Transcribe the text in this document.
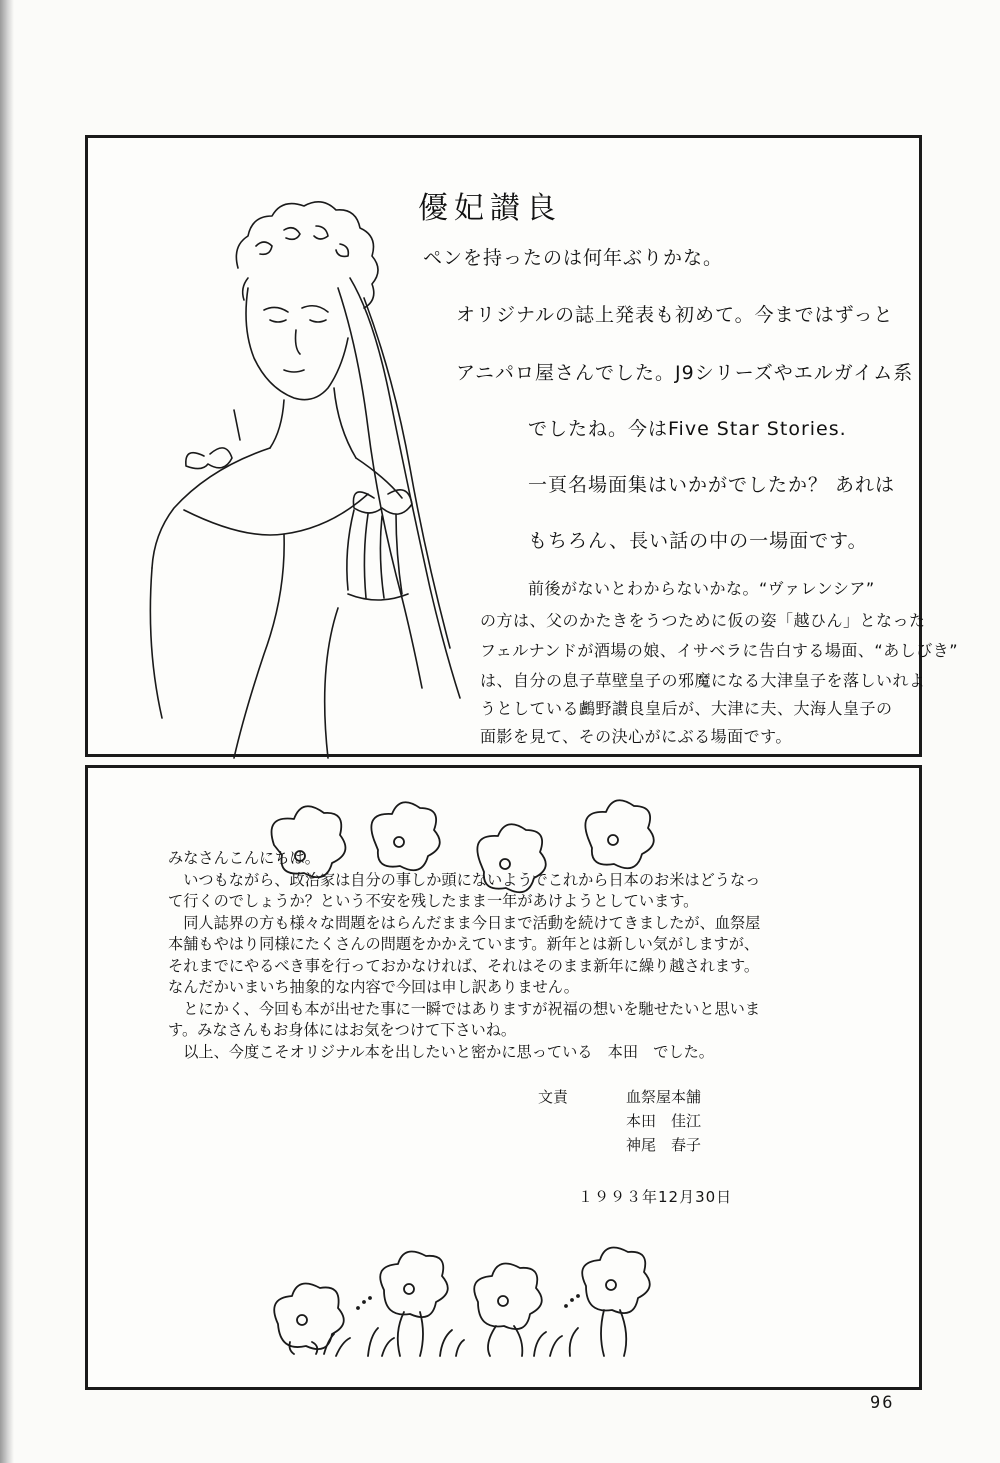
優妃讃良
ペンを持ったのは何年ぶりかな。
オリジナルの誌上発表も初めて。今まではずっと
アニパロ屋さんでした。J9シリーズやエルガイム系
でしたね。今はFive Star Stories.
一頁名場面集はいかがでしたか？ あれは
もちろん、長い話の中の一場面です。
前後がないとわからないかな。“ヴァレンシア”
の方は、父のかたきをうつために仮の姿「越ひん」となった
フェルナンドが酒場の娘、イサベラに告白する場面、“あしびき”
は、自分の息子草壁皇子の邪魔になる大津皇子を落しいれよ
うとしている鸕野讃良皇后が、大津に夫、大海人皇子の
面影を見て、その決心がにぶる場面です。
みなさんこんにちは。
　いつもながら、政治家は自分の事しか頭にないようでこれから日本のお米はどうなっ
て行くのでしょうか？という不安を残したまま一年があけようとしています。
　同人誌界の方も様々な問題をはらんだまま今日まで活動を続けてきましたが、血祭屋
本舗もやはり同様にたくさんの問題をかかえています。新年とは新しい気がしますが、
それまでにやるべき事を行っておかなければ、それはそのまま新年に繰り越されます。
なんだかいまいち抽象的な内容で今回は申し訳ありません。
　とにかく、今回も本が出せた事に一瞬ではありますが祝福の想いを馳せたいと思いま
す。みなさんもお身体にはお気をつけて下さいね。
　以上、今度こそオリジナル本を出したいと密かに思っている　本田　でした。
文責	血祭屋本舗
本田　佳江
神尾　春子
１９９３年12月30日
96
